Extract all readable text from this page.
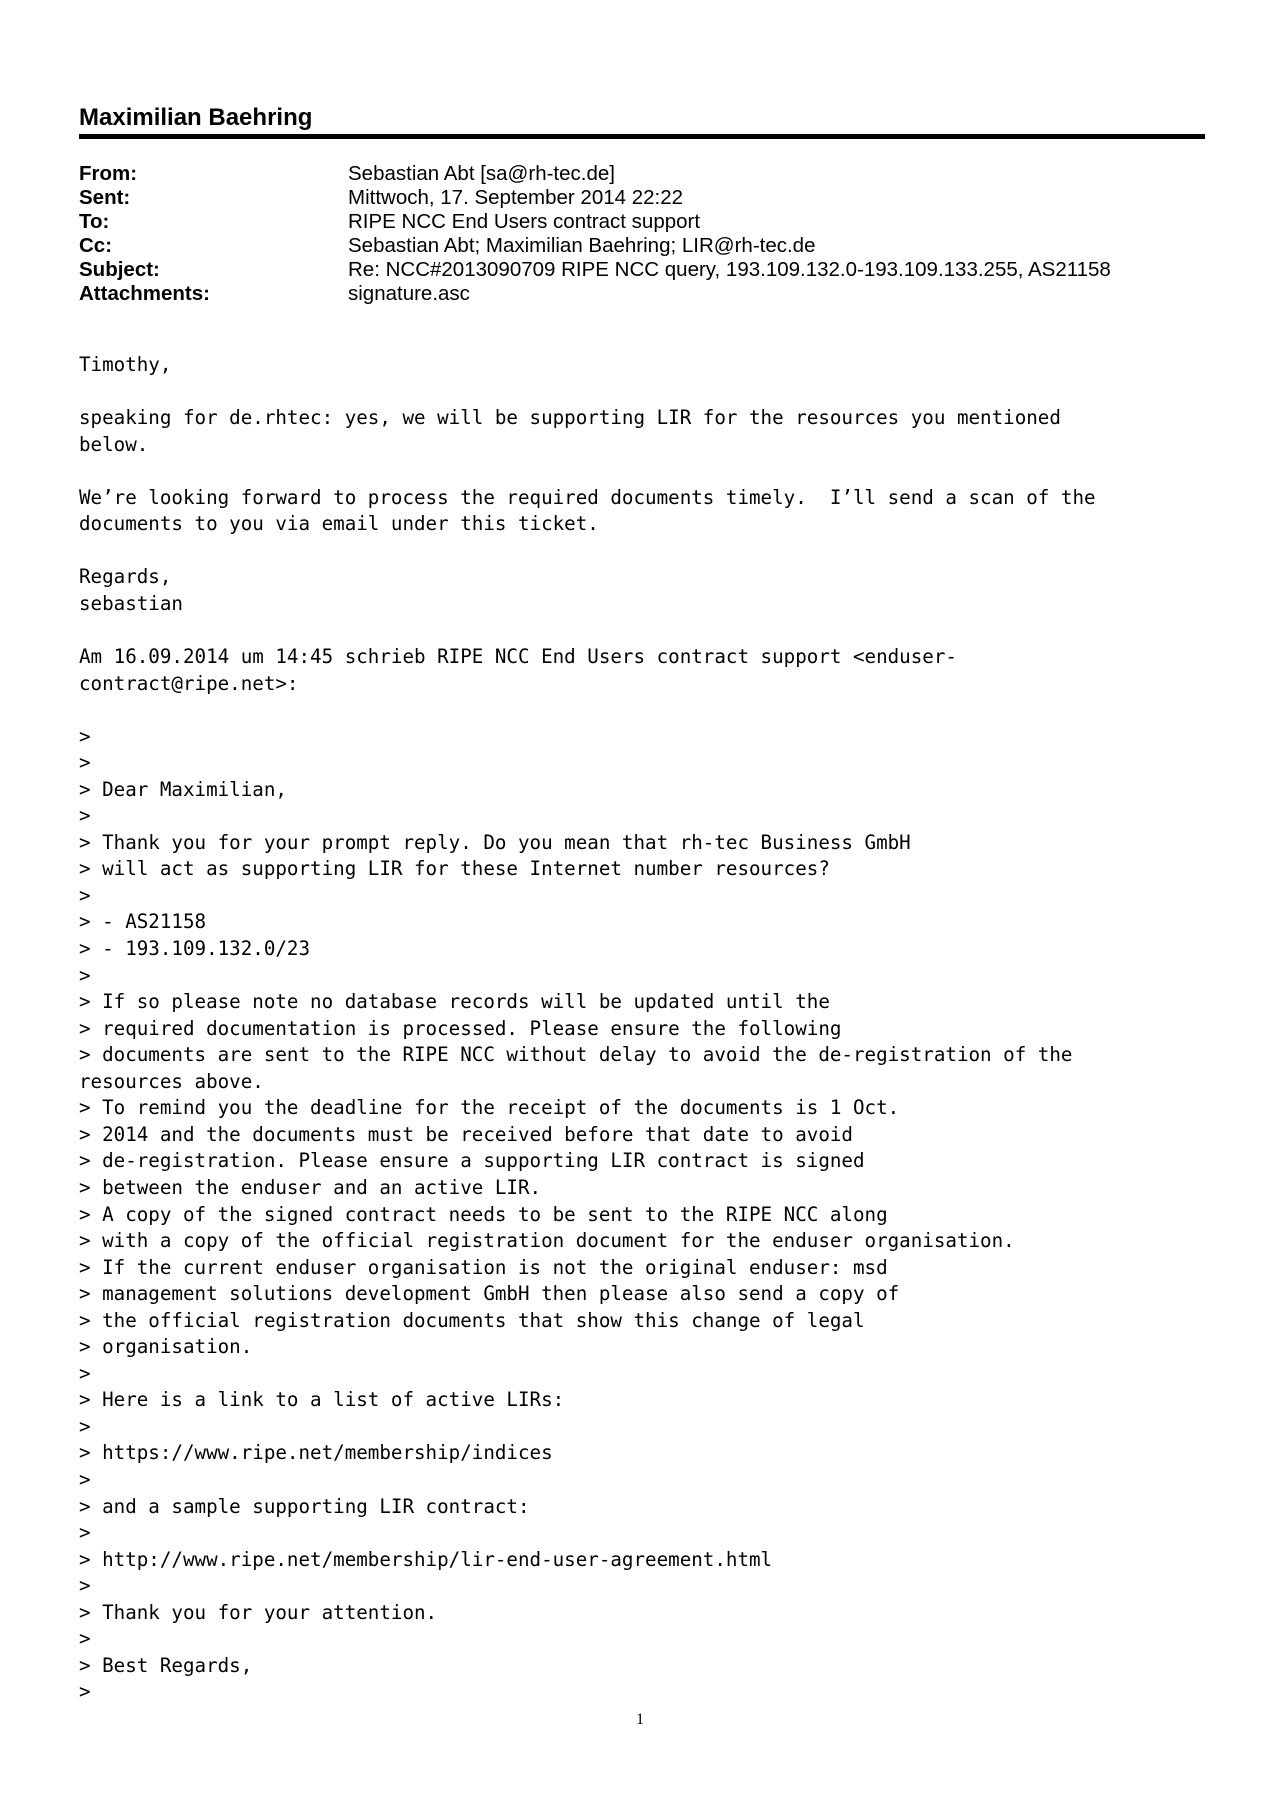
Maximilian Baehring
From:	Sebastian Abt [sa@rh-tec.de]
Sent:	Mittwoch, 17. September 2014 22:22
To:	RIPE NCC End Users contract support
Cc:	Sebastian Abt; Maximilian Baehring; LIR@rh-tec.de
Subject:	Re: NCC#2013090709 RIPE NCC query, 193.109.132.0-193.109.133.255, AS21158
Attachments:	signature.asc
Timothy,
speaking for de.rhtec: yes, we will be supporting LIR for the resources you mentioned
below.
We’re looking forward to process the required documents timely.  I’ll send a scan of the
documents to you via email under this ticket.
Regards,
sebastian
Am 16.09.2014 um 14:45 schrieb RIPE NCC End Users contract support <enduser-
contract@ripe.net>:
>
>
> Dear Maximilian,
>
> Thank you for your prompt reply. Do you mean that rh-tec Business GmbH
> will act as supporting LIR for these Internet number resources?
>
> - AS21158
> - 193.109.132.0/23
>
> If so please note no database records will be updated until the
> required documentation is processed. Please ensure the following
> documents are sent to the RIPE NCC without delay to avoid the de-registration of the
resources above.
> To remind you the deadline for the receipt of the documents is 1 Oct.
> 2014 and the documents must be received before that date to avoid
> de-registration. Please ensure a supporting LIR contract is signed
> between the enduser and an active LIR.
> A copy of the signed contract needs to be sent to the RIPE NCC along
> with a copy of the official registration document for the enduser organisation.
> If the current enduser organisation is not the original enduser: msd
> management solutions development GmbH then please also send a copy of
> the official registration documents that show this change of legal
> organisation.
>
> Here is a link to a list of active LIRs:
>
> https://www.ripe.net/membership/indices
>
> and a sample supporting LIR contract:
>
> http://www.ripe.net/membership/lir-end-user-agreement.html
>
> Thank you for your attention.
>
> Best Regards,
>
1
